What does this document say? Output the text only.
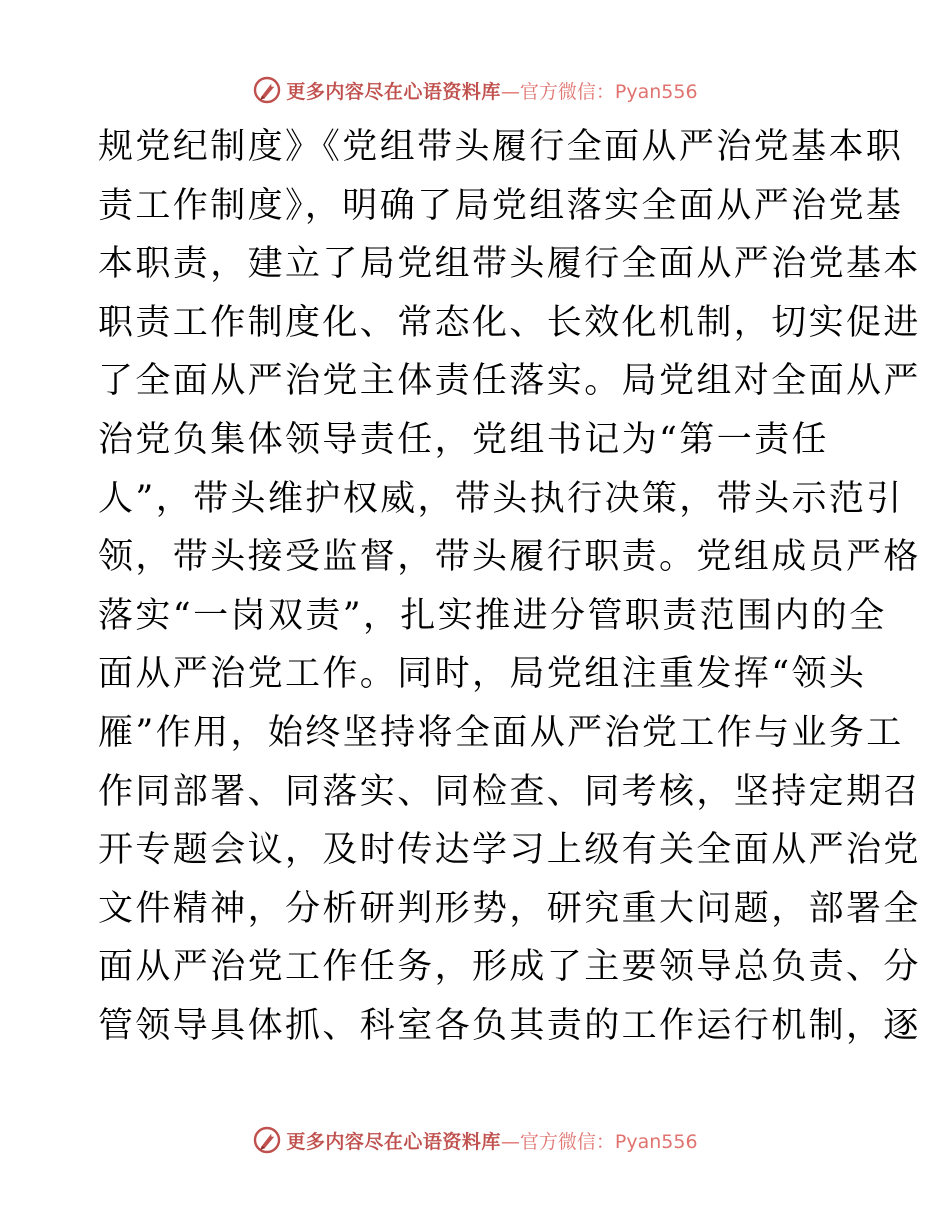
更多内容尽在心语资料库 —官方微信：Pyan556
规党纪制度》《党组带头履行全面从严治党基本职
责工作制度》，明确了局党组落实全面从严治党基
本职责，建立了局党组带头履行全面从严治党基本
职责工作制度化、常态化、长效化机制，切实促进
了全面从严治党主体责任落实。局党组对全面从严
治党负集体领导责任，党组书记为“第一责任
人”，带头维护权威，带头执行决策，带头示范引
领，带头接受监督，带头履行职责。党组成员严格
落实“一岗双责”，扎实推进分管职责范围内的全
面从严治党工作。同时，局党组注重发挥“领头
雁”作用，始终坚持将全面从严治党工作与业务工
作同部署、同落实、同检查、同考核，坚持定期召
开专题会议，及时传达学习上级有关全面从严治党
文件精神，分析研判形势，研究重大问题，部署全
面从严治党工作任务，形成了主要领导总负责、分
管领导具体抓、科室各负其责的工作运行机制，逐
更多内容尽在心语资料库 —官方微信：Pyan556
